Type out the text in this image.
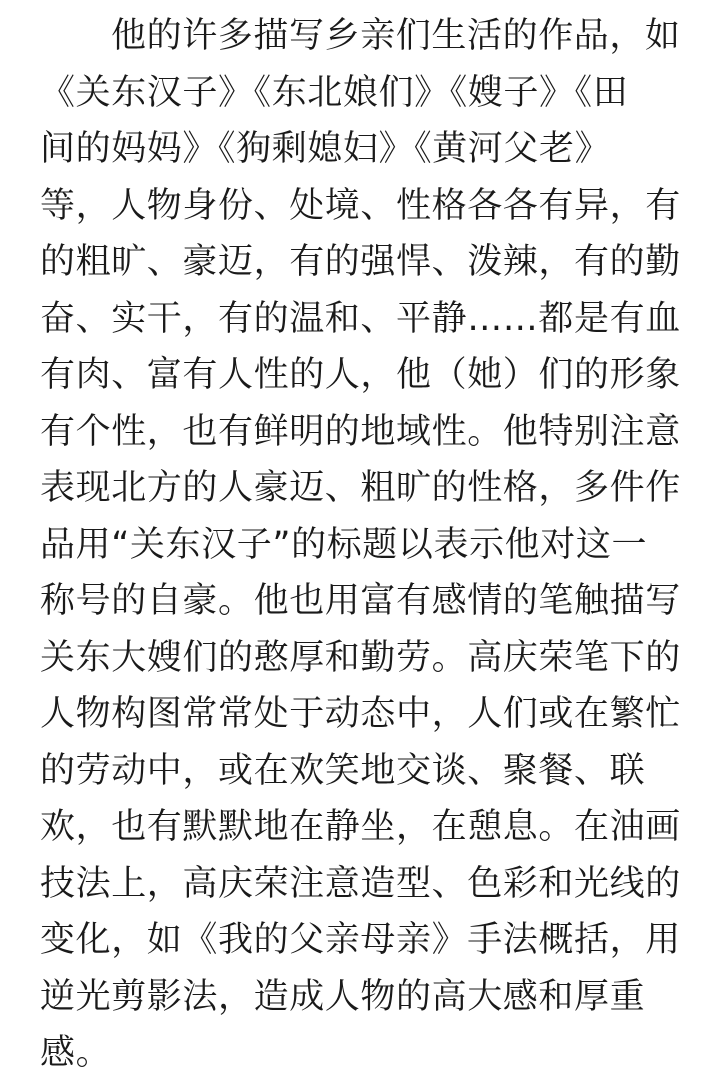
他的许多描写乡亲们生活的作品，如
《关东汉子》《东北娘们》《嫂子》《田
间的妈妈》《狗剩媳妇》《黄河父老》
等，人物身份、处境、性格各各有异，有
的粗旷、豪迈，有的强悍、泼辣，有的勤
奋、实干，有的温和、平静……都是有血
有肉、富有人性的人，他（她）们的形象
有个性，也有鲜明的地域性。他特别注意
表现北方的人豪迈、粗旷的性格，多件作
品用“关东汉子”的标题以表示他对这一
称号的自豪。他也用富有感情的笔触描写
关东大嫂们的憨厚和勤劳。高庆荣笔下的
人物构图常常处于动态中，人们或在繁忙
的劳动中，或在欢笑地交谈、聚餐、联
欢，也有默默地在静坐，在憩息。在油画
技法上，高庆荣注意造型、色彩和光线的
变化，如《我的父亲母亲》手法概括，用
逆光剪影法，造成人物的高大感和厚重
感。
